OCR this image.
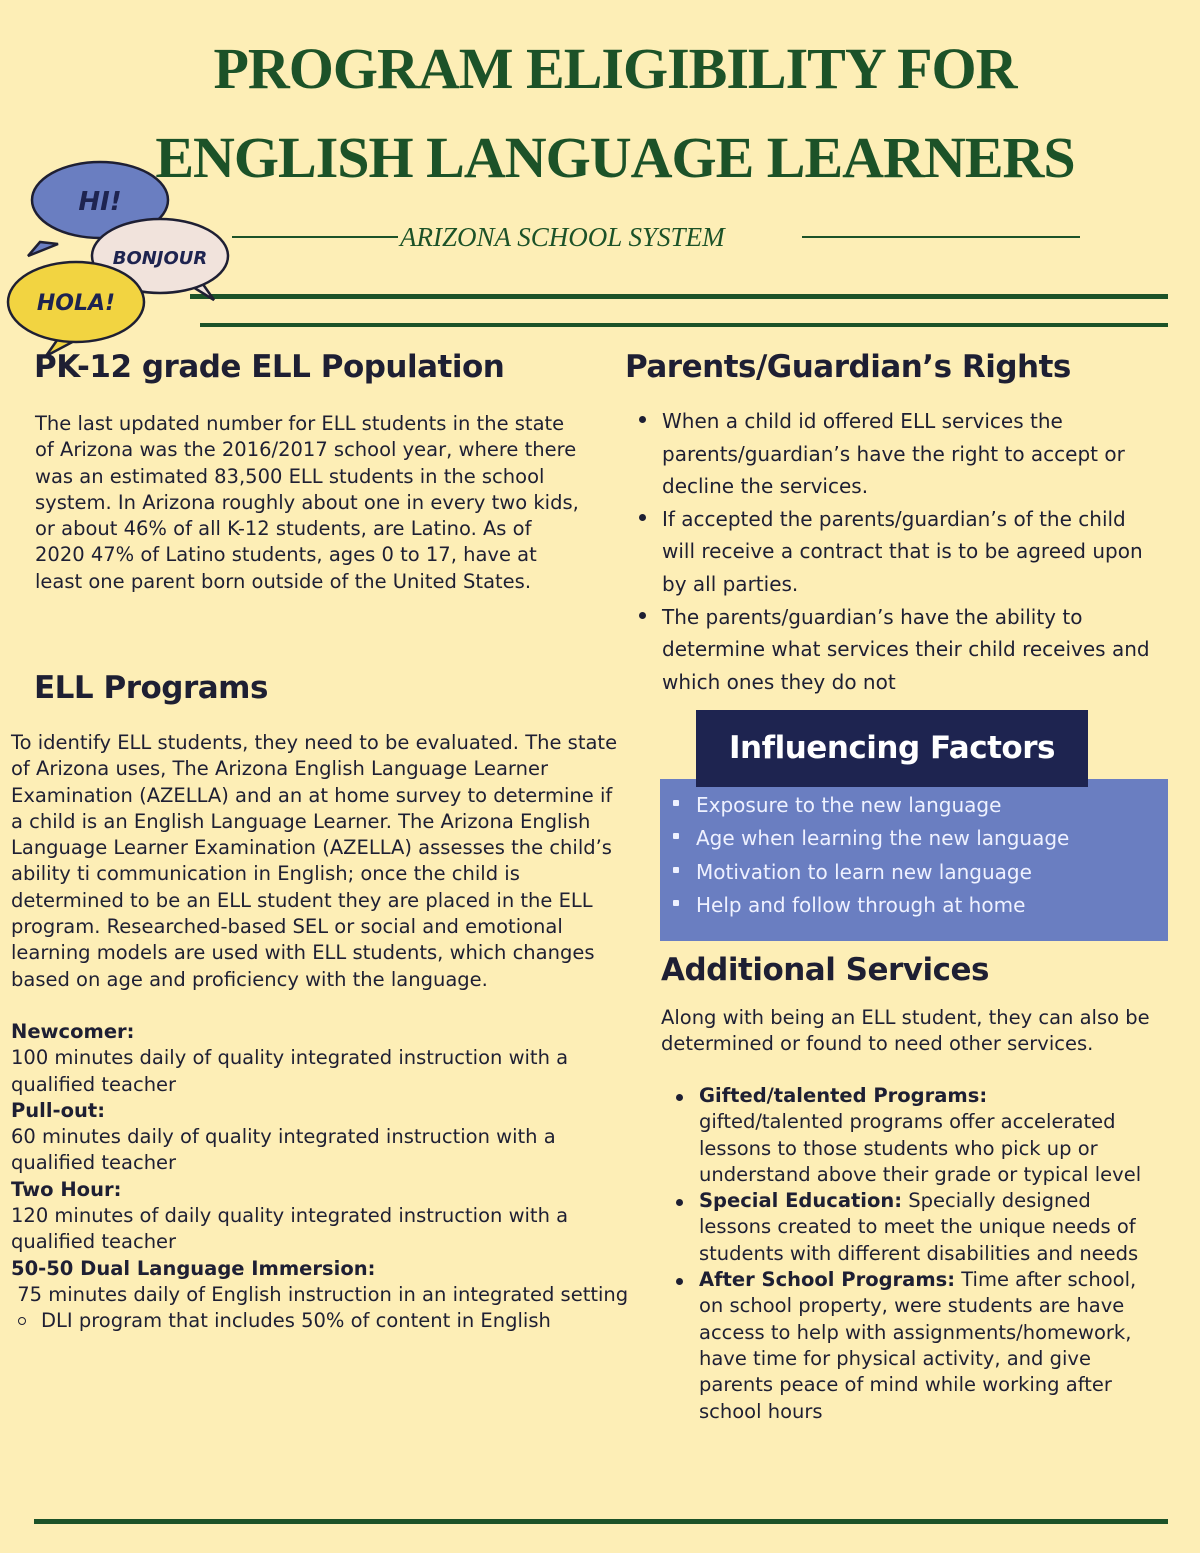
PROGRAM ELIGIBILITY FOR
ENGLISH LANGUAGE LEARNERS
ARIZONA SCHOOL SYSTEM
HI!
BONJOUR
HOLA!
PK-12 grade ELL Population
The last updated number for ELL students in the state of Arizona was the 2016/2017 school year, where there was an estimated 83,500 ELL students in the school system. In Arizona roughly about one in every two kids, or about 46% of all K-12 students, are Latino. As of 2020 47% of Latino students, ages 0 to 17, have at least one parent born outside of the United States.
ELL Programs

To identify ELL students, they need to be evaluated. The state of Arizona uses, The Arizona English Language Learner Examination (AZELLA) and an at home survey to determine if a child is an English Language Learner. The Arizona English Language Learner Examination (AZELLA) assesses the child’s ability ti communication in English; once the child is determined to be an ELL student they are placed in the ELL program. Researched-based SEL or social and emotional learning models are used with ELL students, which changes based on age and proficiency with the language.

Newcomer:
100 minutes daily of quality integrated instruction with a qualified teacher
Pull-out:
60 minutes daily of quality integrated instruction with a qualified teacher
Two Hour:
120 minutes of daily quality integrated instruction with a qualified teacher
50-50 Dual Language Immersion:
75 minutes daily of English instruction in an integrated setting
DLI program that includes 50% of content in English
Parents/Guardian’s Rights
When a child id offered ELL services the parents/guardian’s have the right to accept or decline the services.
If accepted the parents/guardian’s of the child will receive a contract that is to be agreed upon by all parties.
The parents/guardian’s have the ability to determine what services their child receives and which ones they do not
Influencing Factors
Exposure to the new language
Age when learning the new language
Motivation to learn new language
Help and follow through at home
Additional Services
Along with being an ELL student, they can also be determined or found to need other services.
Gifted/talented Programs:
gifted/talented programs offer accelerated lessons to those students who pick up or understand above their grade or typical level
Special Education: Specially designed lessons created to meet the unique needs of students with different disabilities and needs
After School Programs: Time after school, on school property, were students are have access to help with assignments/homework, have time for physical activity, and give parents peace of mind while working after school hours
